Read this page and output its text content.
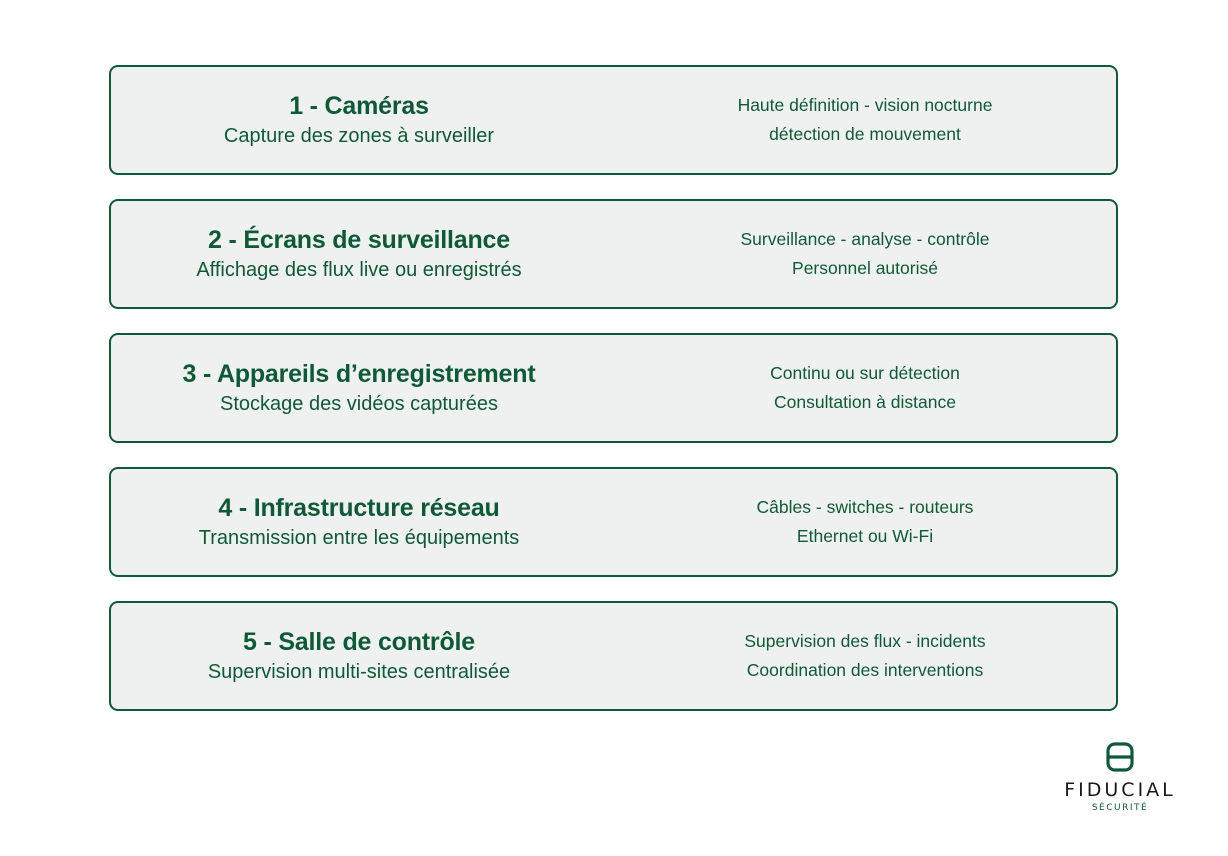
1 - Caméras
Capture des zones à surveiller
Haute définition - vision nocturne
détection de mouvement
2 - Écrans de surveillance
Affichage des flux live ou enregistrés
Surveillance - analyse - contrôle
Personnel autorisé
3 - Appareils d’enregistrement
Stockage des vidéos capturées
Continu ou sur détection
Consultation à distance
4 - Infrastructure réseau
Transmission entre les équipements
Câbles - switches - routeurs
Ethernet ou Wi-Fi
5 - Salle de contrôle
Supervision multi-sites centralisée
Supervision des flux - incidents
Coordination des interventions
FIDUCIAL
SÉCURITÉ
